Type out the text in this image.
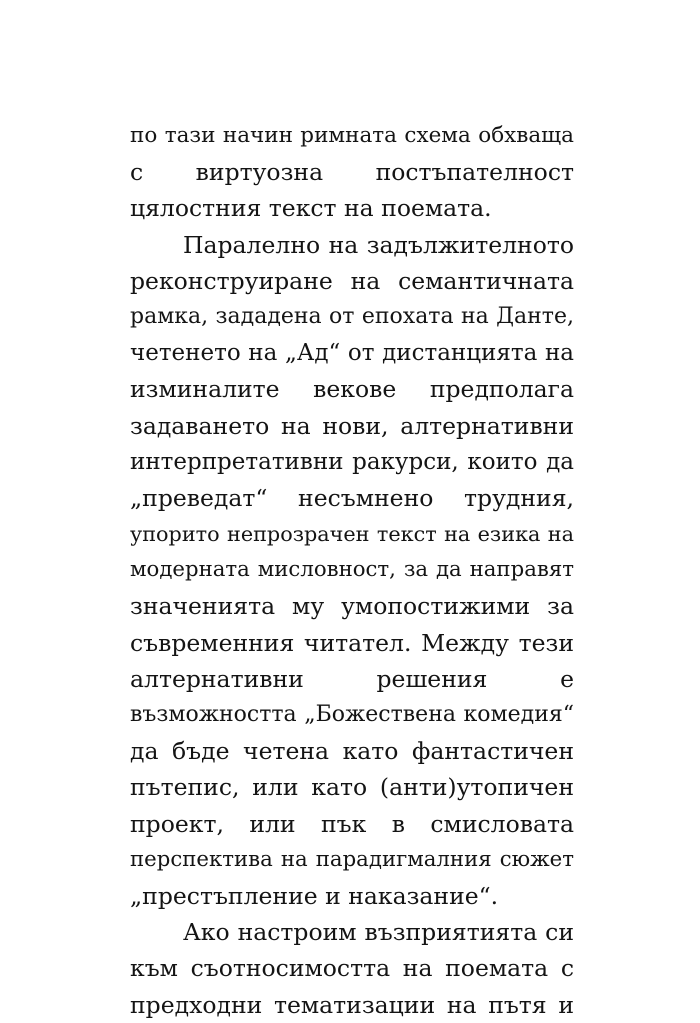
по тази начин римната схема обхваща
с виртуозна постъпателност
цялостния текст на поемата.
Паралелно на задължителното
реконструиране на семантичната
рамка, зададена от епохата на Данте,
четенето на „Ад“ от дистанцията на
изминалите векове предполага
задаването на нови, алтернативни
интерпретативни ракурси, които да
„преведат“ несъмнено трудния,
упорито непрозрачен текст на езика на
модерната мисловност, за да направят
значенията му умопостижими за
съвременния читател. Между тези
алтернативни решения е
възможността „Божествена комедия“
да бъде четена като фантастичен
пътепис, или като (анти)утопичен
проект, или пък в смисловата
перспектива на парадигмалния сюжет
„престъпление и наказание“.
Ако настроим възприятията си
към съотносимостта на поемата с
предходни тематизации на пътя и
